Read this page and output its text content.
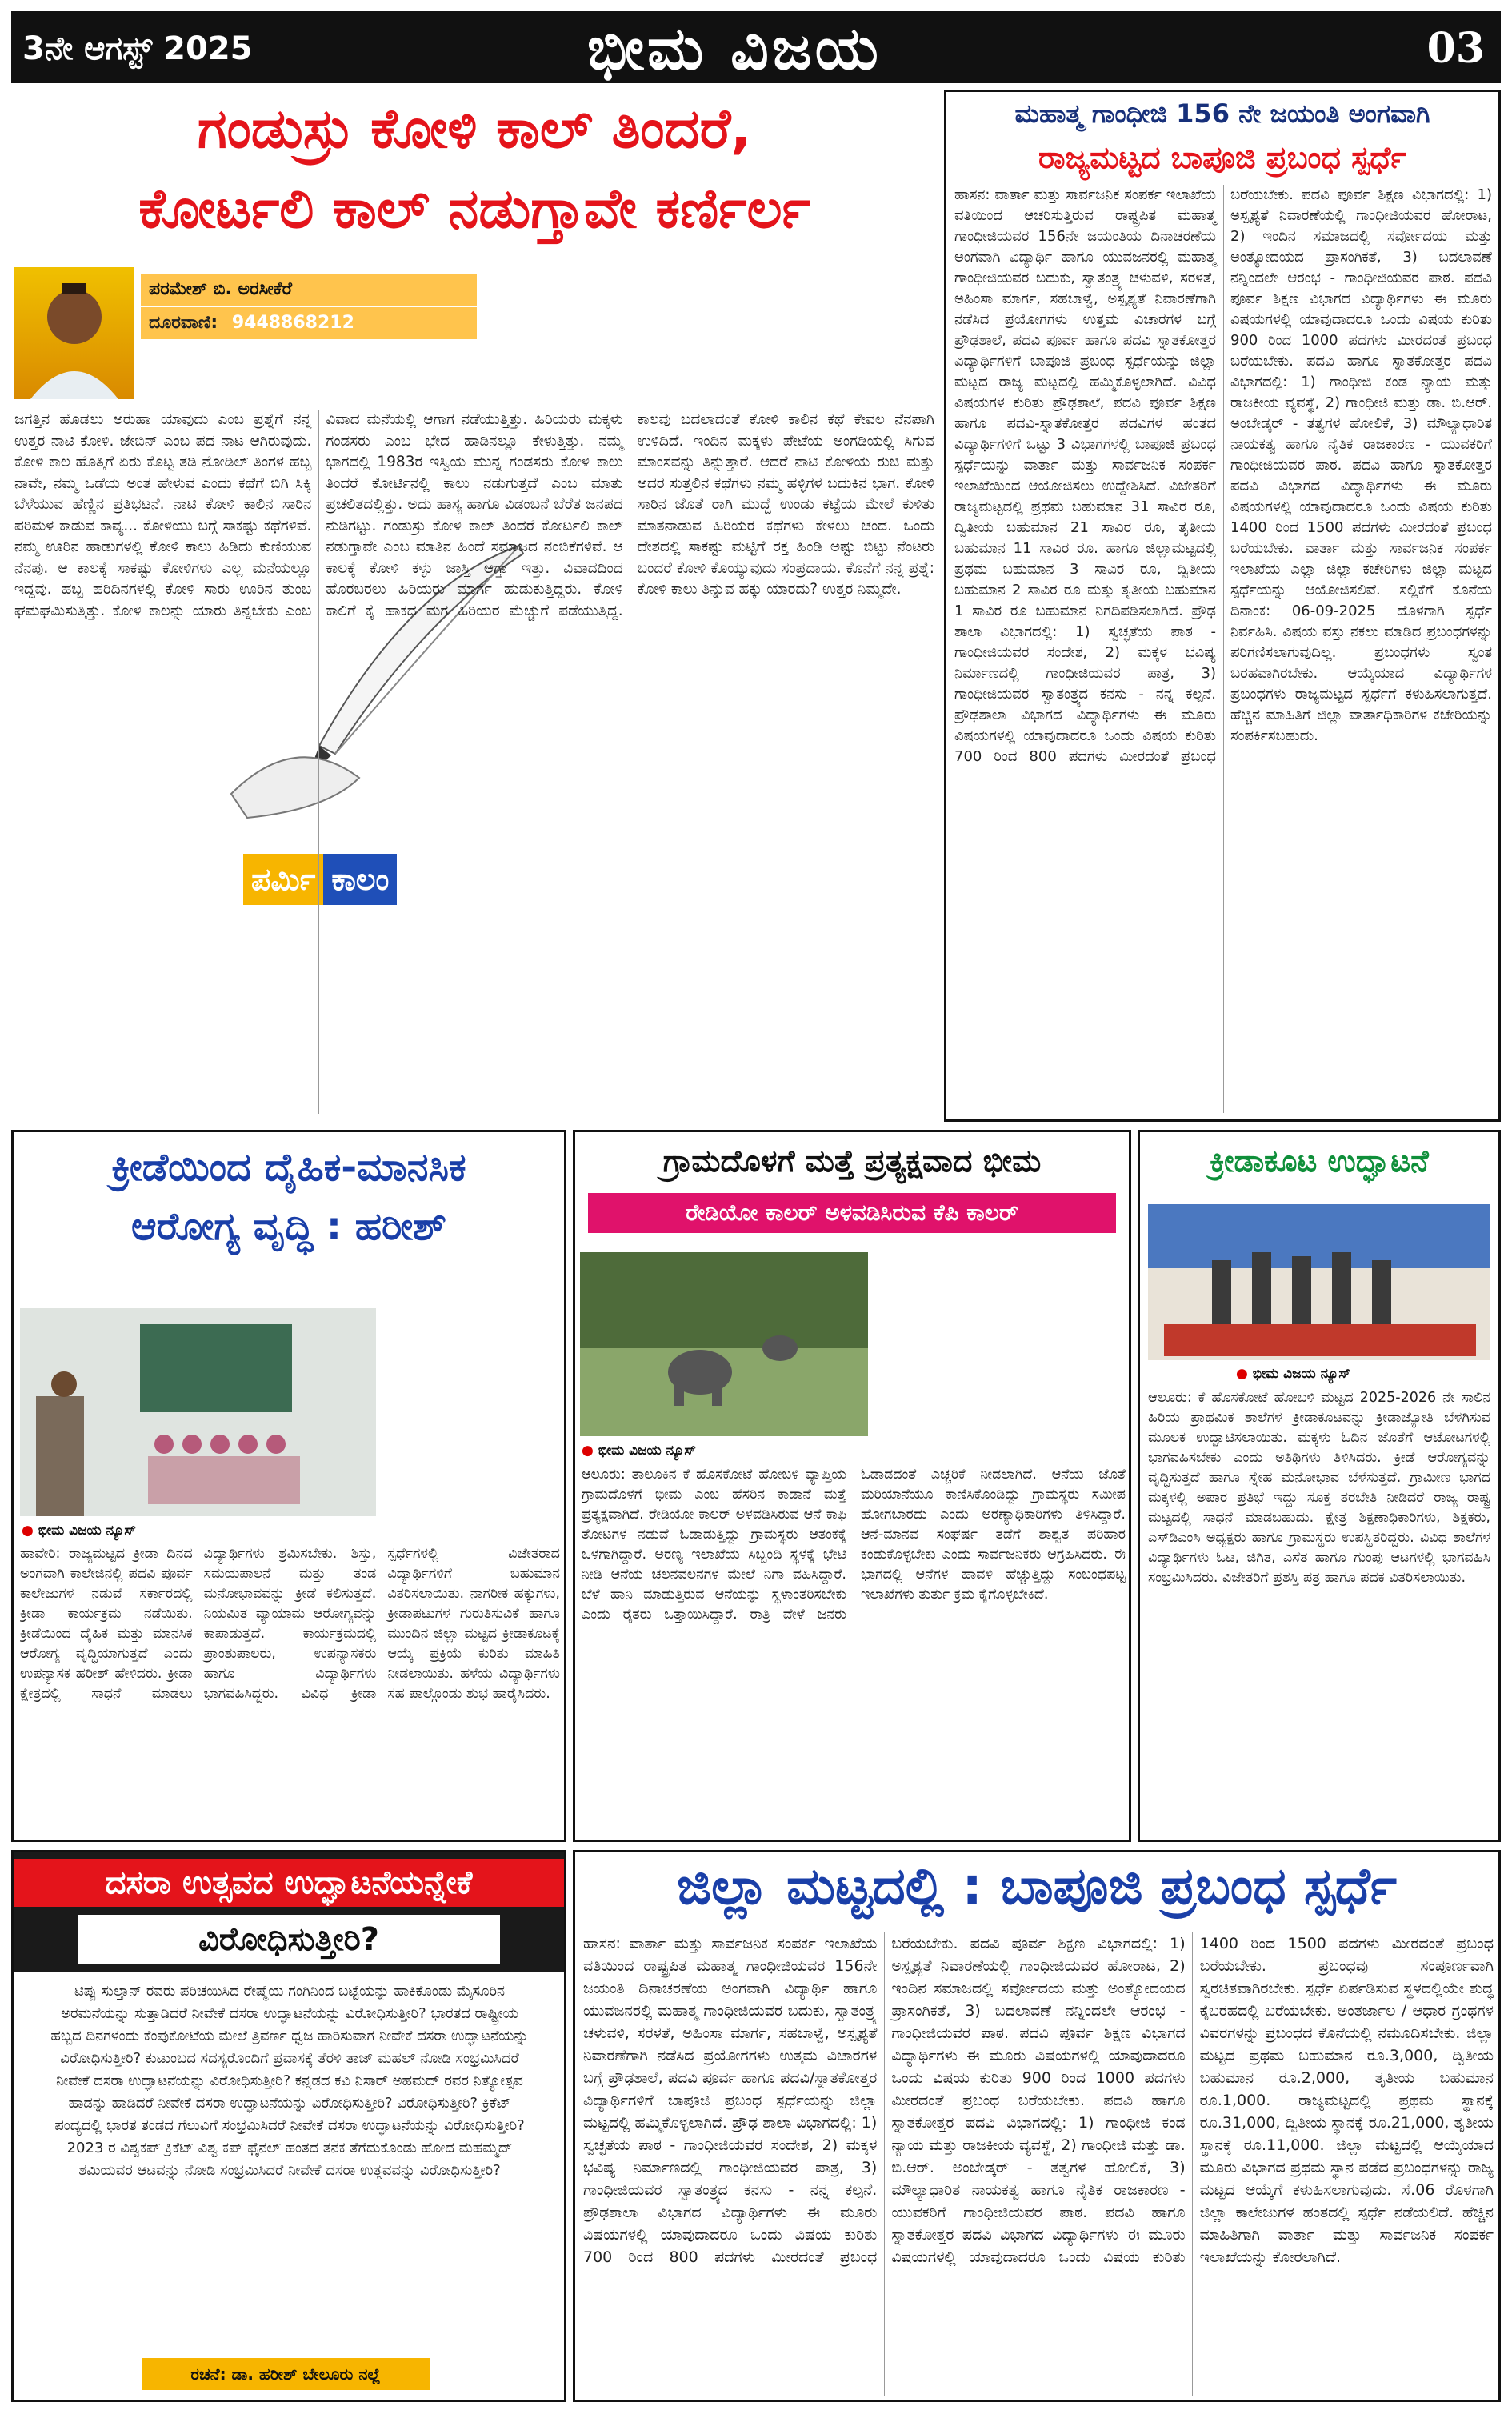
3ನೇ ಆಗಸ್ಟ್ 2025	ಭೀಮ ವಿಜಯ	03
ಗಂಡುಸ್ರು ಕೋಳಿ ಕಾಲ್ ತಿಂದರೆ,
ಕೋರ್ಟಲಿ ಕಾಲ್ ನಡುಗ್ತಾವೇ ಕರ್ಣಿರ್ಲ
ಪರಮೇಶ್ ಬಿ. ಅರಸೀಕೆರೆ
ದೂರವಾಣಿ: 9448868212
ಪರ್ಮಿ ಕಾಲಂ
ಜಗತ್ತಿನ ಹೊಡಲು ಅರುಹಾ ಯಾವುದು ಎಂಬ ಪ್ರಶ್ನೆಗೆ ನನ್ನ ಉತ್ತರ ನಾಟಿ ಕೋಳಿ. ಜೇಬಿನ್ ಎಂಬ ಪದ ನಾಟ ಆಗಿರುವುದು. ಕೋಳಿ ಕಾಲ ಹೊತ್ತಿಗೆ ಏರು ಕೊಟ್ಟ ತಡಿ ನೋಡಿಲ್ ತಿಂಗಳ ಹಬ್ಬ ನಾವೇ, ನಮ್ಮ ಒಡೆಯ ಅಂತ ಹೇಳುವ ಎಂದು ಕಥೆಗೆ ಬಿಗಿ ಸಿಕ್ಕಿ ಬೆಳೆಯುವ ಹೆಣ್ಣಿನ ಪ್ರತಿಭಟನೆ. ನಾಟಿ ಕೋಳಿ ಕಾಲಿನ ಸಾರಿನ ಪರಿಮಳ ಕಾಡುವ ಕಾವ್ಯ... ಕೋಳಿಯು ಬಗ್ಗೆ ಸಾಕಷ್ಟು ಕಥೆಗಳಿವೆ. ನಮ್ಮ ಊರಿನ ಹಾಡುಗಳಲ್ಲಿ ಕೋಳಿ ಕಾಲು ಹಿಡಿದು ಕುಣಿಯುವ ನೆನಪು. ಆ ಕಾಲಕ್ಕೆ ಸಾಕಷ್ಟು ಕೋಳಿಗಳು ಎಲ್ಲ ಮನೆಯಲ್ಲೂ ಇದ್ದವು. ಹಬ್ಬ ಹರಿದಿನಗಳಲ್ಲಿ ಕೋಳಿ ಸಾರು ಊರಿನ ತುಂಬ ಘಮಘಮಿಸುತ್ತಿತ್ತು. ಕೋಳಿ ಕಾಲನ್ನು ಯಾರು ತಿನ್ನಬೇಕು ಎಂಬ ವಿವಾದ ಮನೆಯಲ್ಲಿ ಆಗಾಗ ನಡೆಯುತ್ತಿತ್ತು. ಹಿರಿಯರು ಮಕ್ಕಳು ಗಂಡಸರು ಎಂಬ ಭೇದ ಹಾಡಿನಲ್ಲೂ ಕೇಳುತ್ತಿತ್ತು. ನಮ್ಮ ಭಾಗದಲ್ಲಿ 1983ರ ಇಸ್ವಿಯ ಮುನ್ನ ಗಂಡಸರು ಕೋಳಿ ಕಾಲು ತಿಂದರೆ ಕೋರ್ಟಿನಲ್ಲಿ ಕಾಲು ನಡುಗುತ್ತದೆ ಎಂಬ ಮಾತು ಪ್ರಚಲಿತದಲ್ಲಿತ್ತು. ಅದು ಹಾಸ್ಯ ಹಾಗೂ ವಿಡಂಬನೆ ಬೆರೆತ ಜನಪದ ನುಡಿಗಟ್ಟು. ಗಂಡುಸ್ರು ಕೋಳಿ ಕಾಲ್ ತಿಂದರೆ ಕೋರ್ಟಲಿ ಕಾಲ್ ನಡುಗ್ತಾವೇ ಎಂಬ ಮಾತಿನ ಹಿಂದೆ ಸಮಾಜದ ನಂಬಿಕೆಗಳಿವೆ. ಆ ಕಾಲಕ್ಕೆ ಕೋಳಿ ಕಳ್ಳು ಜಾಸ್ತಿ ಆಗ್ತಾ ಇತ್ತು. ವಿವಾದದಿಂದ ಹೊರಬರಲು ಹಿರಿಯರು ಮಾರ್ಗ ಹುಡುಕುತ್ತಿದ್ದರು. ಕೋಳಿ ಕಾಲಿಗೆ ಕೈ ಹಾಕದ ಮಗ ಹಿರಿಯರ ಮೆಚ್ಚುಗೆ ಪಡೆಯುತ್ತಿದ್ದ. ಕಾಲವು ಬದಲಾದಂತೆ ಕೋಳಿ ಕಾಲಿನ ಕಥೆ ಕೇವಲ ನೆನಪಾಗಿ ಉಳಿದಿದೆ. ಇಂದಿನ ಮಕ್ಕಳು ಪೇಟೆಯ ಅಂಗಡಿಯಲ್ಲಿ ಸಿಗುವ ಮಾಂಸವನ್ನು ತಿನ್ನುತ್ತಾರೆ. ಆದರೆ ನಾಟಿ ಕೋಳಿಯ ರುಚಿ ಮತ್ತು ಅದರ ಸುತ್ತಲಿನ ಕಥೆಗಳು ನಮ್ಮ ಹಳ್ಳಿಗಳ ಬದುಕಿನ ಭಾಗ. ಕೋಳಿ ಸಾರಿನ ಜೊತೆ ರಾಗಿ ಮುದ್ದೆ ಉಂಡು ಕಟ್ಟೆಯ ಮೇಲೆ ಕುಳಿತು ಮಾತನಾಡುವ ಹಿರಿಯರ ಕಥೆಗಳು ಕೇಳಲು ಚಂದ. ಒಂದು ದೇಶದಲ್ಲಿ ಸಾಕಷ್ಟು ಮಟ್ಟಿಗೆ ರಕ್ತ ಹಿಂಡಿ ಅಷ್ಟು ಬಿಟ್ಟು ನೆಂಟರು ಬಂದರೆ ಕೋಳಿ ಕೊಯ್ಯುವುದು ಸಂಪ್ರದಾಯ. ಕೊನೆಗೆ ನನ್ನ ಪ್ರಶ್ನೆ: ಕೋಳಿ ಕಾಲು ತಿನ್ನುವ ಹಕ್ಕು ಯಾರದು? ಉತ್ತರ ನಿಮ್ಮದೇ.
ಮಹಾತ್ಮ ಗಾಂಧೀಜಿ 156 ನೇ ಜಯಂತಿ ಅಂಗವಾಗಿ
ರಾಜ್ಯಮಟ್ಟದ ಬಾಪೂಜಿ ಪ್ರಬಂಧ ಸ್ಪರ್ಧೆ
ಹಾಸನ: ವಾರ್ತಾ ಮತ್ತು ಸಾರ್ವಜನಿಕ ಸಂಪರ್ಕ ಇಲಾಖೆಯ ವತಿಯಿಂದ ಆಚರಿಸುತ್ತಿರುವ ರಾಷ್ಟ್ರಪಿತ ಮಹಾತ್ಮ ಗಾಂಧೀಜಿಯವರ 156ನೇ ಜಯಂತಿಯ ದಿನಾಚರಣೆಯ ಅಂಗವಾಗಿ ವಿದ್ಯಾರ್ಥಿ ಹಾಗೂ ಯುವಜನರಲ್ಲಿ ಮಹಾತ್ಮ ಗಾಂಧೀಜಿಯವರ ಬದುಕು, ಸ್ವಾತಂತ್ರ್ಯ ಚಳುವಳಿ, ಸರಳತೆ, ಅಹಿಂಸಾ ಮಾರ್ಗ, ಸಹಬಾಳ್ವೆ, ಅಸ್ಪೃಶ್ಯತೆ ನಿವಾರಣೆಗಾಗಿ ನಡೆಸಿದ ಪ್ರಯೋಗಗಳು ಉತ್ತಮ ವಿಚಾರಗಳ ಬಗ್ಗೆ ಪ್ರೌಢಶಾಲೆ, ಪದವಿ ಪೂರ್ವ ಹಾಗೂ ಪದವಿ ಸ್ನಾತಕೋತ್ತರ ವಿದ್ಯಾರ್ಥಿಗಳಿಗೆ ಬಾಪೂಜಿ ಪ್ರಬಂಧ ಸ್ಪರ್ಧೆಯನ್ನು ಜಿಲ್ಲಾ ಮಟ್ಟದ ರಾಜ್ಯ ಮಟ್ಟದಲ್ಲಿ ಹಮ್ಮಿಕೊಳ್ಳಲಾಗಿದೆ. ವಿವಿಧ ವಿಷಯಗಳ ಕುರಿತು ಪ್ರೌಢಶಾಲೆ, ಪದವಿ ಪೂರ್ವ ಶಿಕ್ಷಣ ಹಾಗೂ ಪದವಿ-ಸ್ನಾತಕೋತ್ತರ ಪದವಿಗಳ ಹಂತದ ವಿದ್ಯಾರ್ಥಿಗಳಿಗೆ ಒಟ್ಟು 3 ವಿಭಾಗಗಳಲ್ಲಿ ಬಾಪೂಜಿ ಪ್ರಬಂಧ ಸ್ಪರ್ಧೆಯನ್ನು ವಾರ್ತಾ ಮತ್ತು ಸಾರ್ವಜನಿಕ ಸಂಪರ್ಕ ಇಲಾಖೆಯಿಂದ ಆಯೋಜಿಸಲು ಉದ್ದೇಶಿಸಿದೆ. ವಿಜೇತರಿಗೆ ರಾಜ್ಯಮಟ್ಟದಲ್ಲಿ ಪ್ರಥಮ ಬಹುಮಾನ 31 ಸಾವಿರ ರೂ, ದ್ವಿತೀಯ ಬಹುಮಾನ 21 ಸಾವಿರ ರೂ, ತೃತೀಯ ಬಹುಮಾನ 11 ಸಾವಿರ ರೂ. ಹಾಗೂ ಜಿಲ್ಲಾಮಟ್ಟದಲ್ಲಿ ಪ್ರಥಮ ಬಹುಮಾನ 3 ಸಾವಿರ ರೂ, ದ್ವಿತೀಯ ಬಹುಮಾನ 2 ಸಾವಿರ ರೂ ಮತ್ತು ತೃತೀಯ ಬಹುಮಾನ 1 ಸಾವಿರ ರೂ ಬಹುಮಾನ ನಿಗದಿಪಡಿಸಲಾಗಿದೆ. ಪ್ರೌಢ ಶಾಲಾ ವಿಭಾಗದಲ್ಲಿ: 1) ಸ್ವಚ್ಛತೆಯ ಪಾಠ - ಗಾಂಧೀಜಿಯವರ ಸಂದೇಶ, 2) ಮಕ್ಕಳ ಭವಿಷ್ಯ ನಿರ್ಮಾಣದಲ್ಲಿ ಗಾಂಧೀಜಿಯವರ ಪಾತ್ರ, 3) ಗಾಂಧೀಜಿಯವರ ಸ್ವಾತಂತ್ರ್ಯದ ಕನಸು - ನನ್ನ ಕಲ್ಪನೆ. ಪ್ರೌಢಶಾಲಾ ವಿಭಾಗದ ವಿದ್ಯಾರ್ಥಿಗಳು ಈ ಮೂರು ವಿಷಯಗಳಲ್ಲಿ ಯಾವುದಾದರೂ ಒಂದು ವಿಷಯ ಕುರಿತು 700 ರಿಂದ 800 ಪದಗಳು ಮೀರದಂತೆ ಪ್ರಬಂಧ ಬರೆಯಬೇಕು. ಪದವಿ ಪೂರ್ವ ಶಿಕ್ಷಣ ವಿಭಾಗದಲ್ಲಿ: 1) ಅಸ್ಪೃಶ್ಯತೆ ನಿವಾರಣೆಯಲ್ಲಿ ಗಾಂಧೀಜಿಯವರ ಹೋರಾಟ, 2) ಇಂದಿನ ಸಮಾಜದಲ್ಲಿ ಸರ್ವೋದಯ ಮತ್ತು ಅಂತ್ಯೋದಯದ ಪ್ರಾಸಂಗಿಕತೆ, 3) ಬದಲಾವಣೆ ನನ್ನಿಂದಲೇ ಆರಂಭ - ಗಾಂಧೀಜಿಯವರ ಪಾಠ. ಪದವಿ ಪೂರ್ವ ಶಿಕ್ಷಣ ವಿಭಾಗದ ವಿದ್ಯಾರ್ಥಿಗಳು ಈ ಮೂರು ವಿಷಯಗಳಲ್ಲಿ ಯಾವುದಾದರೂ ಒಂದು ವಿಷಯ ಕುರಿತು 900 ರಿಂದ 1000 ಪದಗಳು ಮೀರದಂತೆ ಪ್ರಬಂಧ ಬರೆಯಬೇಕು. ಪದವಿ ಹಾಗೂ ಸ್ನಾತಕೋತ್ತರ ಪದವಿ ವಿಭಾಗದಲ್ಲಿ: 1) ಗಾಂಧೀಜಿ ಕಂಡ ನ್ಯಾಯ ಮತ್ತು ರಾಜಕೀಯ ವ್ಯವಸ್ಥೆ, 2) ಗಾಂಧೀಜಿ ಮತ್ತು ಡಾ. ಬಿ.ಆರ್. ಅಂಬೇಡ್ಕರ್ - ತತ್ವಗಳ ಹೋಲಿಕೆ, 3) ಮೌಲ್ಯಾಧಾರಿತ ನಾಯಕತ್ವ ಹಾಗೂ ನೈತಿಕ ರಾಜಕಾರಣ - ಯುವಕರಿಗೆ ಗಾಂಧೀಜಿಯವರ ಪಾಠ. ಪದವಿ ಹಾಗೂ ಸ್ನಾತಕೋತ್ತರ ಪದವಿ ವಿಭಾಗದ ವಿದ್ಯಾರ್ಥಿಗಳು ಈ ಮೂರು ವಿಷಯಗಳಲ್ಲಿ ಯಾವುದಾದರೂ ಒಂದು ವಿಷಯ ಕುರಿತು 1400 ರಿಂದ 1500 ಪದಗಳು ಮೀರದಂತೆ ಪ್ರಬಂಧ ಬರೆಯಬೇಕು. ವಾರ್ತಾ ಮತ್ತು ಸಾರ್ವಜನಿಕ ಸಂಪರ್ಕ ಇಲಾಖೆಯ ಎಲ್ಲಾ ಜಿಲ್ಲಾ ಕಚೇರಿಗಳು ಜಿಲ್ಲಾ ಮಟ್ಟದ ಸ್ಪರ್ಧೆಯನ್ನು ಆಯೋಜಿಸಲಿವೆ. ಸಲ್ಲಿಕೆಗೆ ಕೊನೆಯ ದಿನಾಂಕ: 06-09-2025 ದೊಳಗಾಗಿ ಸ್ಪರ್ಧೆ ನಿರ್ವಹಿಸಿ. ವಿಷಯ ವಸ್ತು ನಕಲು ಮಾಡಿದ ಪ್ರಬಂಧಗಳನ್ನು ಪರಿಗಣಿಸಲಾಗುವುದಿಲ್ಲ. ಪ್ರಬಂಧಗಳು ಸ್ವಂತ ಬರಹವಾಗಿರಬೇಕು. ಆಯ್ಕೆಯಾದ ವಿದ್ಯಾರ್ಥಿಗಳ ಪ್ರಬಂಧಗಳು ರಾಜ್ಯಮಟ್ಟದ ಸ್ಪರ್ಧೆಗೆ ಕಳುಹಿಸಲಾಗುತ್ತದೆ. ಹೆಚ್ಚಿನ ಮಾಹಿತಿಗೆ ಜಿಲ್ಲಾ ವಾರ್ತಾಧಿಕಾರಿಗಳ ಕಚೇರಿಯನ್ನು ಸಂಪರ್ಕಿಸಬಹುದು.
ಕ್ರೀಡೆಯಿಂದ ದೈಹಿಕ-ಮಾನಸಿಕ
ಆರೋಗ್ಯ ವೃದ್ಧಿ : ಹರೀಶ್
● ಭೀಮ ವಿಜಯ ನ್ಯೂಸ್
ಹಾವೇರಿ: ರಾಜ್ಯಮಟ್ಟದ ಕ್ರೀಡಾ ದಿನದ ಅಂಗವಾಗಿ ಕಾಲೇಜಿನಲ್ಲಿ ಪದವಿ ಪೂರ್ವ ಕಾಲೇಜುಗಳ ನಡುವೆ ಸರ್ಕಾರದಲ್ಲಿ ಕ್ರೀಡಾ ಕಾರ್ಯಕ್ರಮ ನಡೆಯಿತು. ಕ್ರೀಡೆಯಿಂದ ದೈಹಿಕ ಮತ್ತು ಮಾನಸಿಕ ಆರೋಗ್ಯ ವೃದ್ಧಿಯಾಗುತ್ತದೆ ಎಂದು ಉಪನ್ಯಾಸಕ ಹರೀಶ್ ಹೇಳಿದರು. ಕ್ರೀಡಾ ಕ್ಷೇತ್ರದಲ್ಲಿ ಸಾಧನೆ ಮಾಡಲು ವಿದ್ಯಾರ್ಥಿಗಳು ಶ್ರಮಿಸಬೇಕು. ಶಿಸ್ತು, ಸಮಯಪಾಲನೆ ಮತ್ತು ತಂಡ ಮನೋಭಾವವನ್ನು ಕ್ರೀಡೆ ಕಲಿಸುತ್ತದೆ. ನಿಯಮಿತ ವ್ಯಾಯಾಮ ಆರೋಗ್ಯವನ್ನು ಕಾಪಾಡುತ್ತದೆ. ಕಾರ್ಯಕ್ರಮದಲ್ಲಿ ಪ್ರಾಂಶುಪಾಲರು, ಉಪನ್ಯಾಸಕರು ಹಾಗೂ ವಿದ್ಯಾರ್ಥಿಗಳು ಭಾಗವಹಿಸಿದ್ದರು. ವಿವಿಧ ಕ್ರೀಡಾ ಸ್ಪರ್ಧೆಗಳಲ್ಲಿ ವಿಜೇತರಾದ ವಿದ್ಯಾರ್ಥಿಗಳಿಗೆ ಬಹುಮಾನ ವಿತರಿಸಲಾಯಿತು. ನಾಗರೀಕ ಹಕ್ಕುಗಳು, ಕ್ರೀಡಾಪಟುಗಳ ಗುರುತಿಸುವಿಕೆ ಹಾಗೂ ಮುಂದಿನ ಜಿಲ್ಲಾ ಮಟ್ಟದ ಕ್ರೀಡಾಕೂಟಕ್ಕೆ ಆಯ್ಕೆ ಪ್ರಕ್ರಿಯೆ ಕುರಿತು ಮಾಹಿತಿ ನೀಡಲಾಯಿತು. ಹಳೆಯ ವಿದ್ಯಾರ್ಥಿಗಳು ಸಹ ಪಾಲ್ಗೊಂಡು ಶುಭ ಹಾರೈಸಿದರು.
ಗ್ರಾಮದೊಳಗೆ ಮತ್ತೆ ಪ್ರತ್ಯಕ್ಷವಾದ ಭೀಮ
ರೇಡಿಯೋ ಕಾಲರ್ ಅಳವಡಿಸಿರುವ ಕೆಪಿ ಕಾಲರ್
● ಭೀಮ ವಿಜಯ ನ್ಯೂಸ್
ಆಲೂರು: ತಾಲೂಕಿನ ಕೆ ಹೊಸಕೋಟೆ ಹೋಬಳಿ ವ್ಯಾಪ್ತಿಯ ಗ್ರಾಮದೊಳಗೆ ಭೀಮ ಎಂಬ ಹೆಸರಿನ ಕಾಡಾನೆ ಮತ್ತೆ ಪ್ರತ್ಯಕ್ಷವಾಗಿದೆ. ರೇಡಿಯೋ ಕಾಲರ್ ಅಳವಡಿಸಿರುವ ಆನೆ ಕಾಫಿ ತೋಟಗಳ ನಡುವೆ ಓಡಾಡುತ್ತಿದ್ದು ಗ್ರಾಮಸ್ಥರು ಆತಂಕಕ್ಕೆ ಒಳಗಾಗಿದ್ದಾರೆ. ಅರಣ್ಯ ಇಲಾಖೆಯ ಸಿಬ್ಬಂದಿ ಸ್ಥಳಕ್ಕೆ ಭೇಟಿ ನೀಡಿ ಆನೆಯ ಚಲನವಲನಗಳ ಮೇಲೆ ನಿಗಾ ವಹಿಸಿದ್ದಾರೆ. ಬೆಳೆ ಹಾನಿ ಮಾಡುತ್ತಿರುವ ಆನೆಯನ್ನು ಸ್ಥಳಾಂತರಿಸಬೇಕು ಎಂದು ರೈತರು ಒತ್ತಾಯಿಸಿದ್ದಾರೆ. ರಾತ್ರಿ ವೇಳೆ ಜನರು ಓಡಾಡದಂತೆ ಎಚ್ಚರಿಕೆ ನೀಡಲಾಗಿದೆ. ಆನೆಯ ಜೊತೆ ಮರಿಯಾನೆಯೂ ಕಾಣಿಸಿಕೊಂಡಿದ್ದು ಗ್ರಾಮಸ್ಥರು ಸಮೀಪ ಹೋಗಬಾರದು ಎಂದು ಅರಣ್ಯಾಧಿಕಾರಿಗಳು ತಿಳಿಸಿದ್ದಾರೆ. ಆನೆ-ಮಾನವ ಸಂಘರ್ಷ ತಡೆಗೆ ಶಾಶ್ವತ ಪರಿಹಾರ ಕಂಡುಕೊಳ್ಳಬೇಕು ಎಂದು ಸಾರ್ವಜನಿಕರು ಆಗ್ರಹಿಸಿದರು. ಈ ಭಾಗದಲ್ಲಿ ಆನೆಗಳ ಹಾವಳಿ ಹೆಚ್ಚುತ್ತಿದ್ದು ಸಂಬಂಧಪಟ್ಟ ಇಲಾಖೆಗಳು ತುರ್ತು ಕ್ರಮ ಕೈಗೊಳ್ಳಬೇಕಿದೆ.
ಕ್ರೀಡಾಕೂಟ ಉದ್ಘಾಟನೆ
● ಭೀಮ ವಿಜಯ ನ್ಯೂಸ್
ಆಲೂರು: ಕೆ ಹೊಸಕೋಟೆ ಹೋಬಳಿ ಮಟ್ಟದ 2025-2026 ನೇ ಸಾಲಿನ ಹಿರಿಯ ಪ್ರಾಥಮಿಕ ಶಾಲೆಗಳ ಕ್ರೀಡಾಕೂಟವನ್ನು ಕ್ರೀಡಾಜ್ಯೋತಿ ಬೆಳಗಿಸುವ ಮೂಲಕ ಉದ್ಘಾಟಿಸಲಾಯಿತು. ಮಕ್ಕಳು ಓದಿನ ಜೊತೆಗೆ ಆಟೋಟಗಳಲ್ಲಿ ಭಾಗವಹಿಸಬೇಕು ಎಂದು ಅತಿಥಿಗಳು ತಿಳಿಸಿದರು. ಕ್ರೀಡೆ ಆರೋಗ್ಯವನ್ನು ವೃದ್ಧಿಸುತ್ತದೆ ಹಾಗೂ ಸ್ನೇಹ ಮನೋಭಾವ ಬೆಳೆಸುತ್ತದೆ. ಗ್ರಾಮೀಣ ಭಾಗದ ಮಕ್ಕಳಲ್ಲಿ ಅಪಾರ ಪ್ರತಿಭೆ ಇದ್ದು ಸೂಕ್ತ ತರಬೇತಿ ನೀಡಿದರೆ ರಾಜ್ಯ ರಾಷ್ಟ್ರ ಮಟ್ಟದಲ್ಲಿ ಸಾಧನೆ ಮಾಡಬಹುದು. ಕ್ಷೇತ್ರ ಶಿಕ್ಷಣಾಧಿಕಾರಿಗಳು, ಶಿಕ್ಷಕರು, ಎಸ್‌ಡಿಎಂಸಿ ಅಧ್ಯಕ್ಷರು ಹಾಗೂ ಗ್ರಾಮಸ್ಥರು ಉಪಸ್ಥಿತರಿದ್ದರು. ವಿವಿಧ ಶಾಲೆಗಳ ವಿದ್ಯಾರ್ಥಿಗಳು ಓಟ, ಜಿಗಿತ, ಎಸೆತ ಹಾಗೂ ಗುಂಪು ಆಟಗಳಲ್ಲಿ ಭಾಗವಹಿಸಿ ಸಂಭ್ರಮಿಸಿದರು. ವಿಜೇತರಿಗೆ ಪ್ರಶಸ್ತಿ ಪತ್ರ ಹಾಗೂ ಪದಕ ವಿತರಿಸಲಾಯಿತು.
ದಸರಾ ಉತ್ಸವದ ಉದ್ಘಾಟನೆಯನ್ನೇಕೆ
ವಿರೋಧಿಸುತ್ತೀರಿ?
ಟಿಪ್ಪು ಸುಲ್ತಾನ್ ರವರು ಪರಿಚಯಿಸಿದ ರೇಷ್ಮೆಯ ಗಂಗಿನಿಂದ ಬಟ್ಟೆಯನ್ನು ಹಾಕಿಕೊಂಡು ಮೈಸೂರಿನ ಅರಮನೆಯನ್ನು ಸುತ್ತಾಡಿದರೆ ನೀವೇಕೆ ದಸರಾ ಉದ್ಘಾಟನೆಯನ್ನು ವಿರೋಧಿಸುತ್ತೀರಿ? ಭಾರತದ ರಾಷ್ಟ್ರೀಯ ಹಬ್ಬದ ದಿನಗಳಂದು ಕೆಂಪುಕೋಟೆಯ ಮೇಲೆ ತ್ರಿವರ್ಣ ಧ್ವಜ ಹಾರಿಸುವಾಗ ನೀವೇಕೆ ದಸರಾ ಉದ್ಘಾಟನೆಯನ್ನು ವಿರೋಧಿಸುತ್ತೀರಿ? ಕುಟುಂಬದ ಸದಸ್ಯರೊಂದಿಗೆ ಪ್ರವಾಸಕ್ಕೆ ತೆರಳಿ ತಾಜ್ ಮಹಲ್ ನೋಡಿ ಸಂಭ್ರಮಿಸಿದರೆ ನೀವೇಕೆ ದಸರಾ ಉದ್ಘಾಟನೆಯನ್ನು ವಿರೋಧಿಸುತ್ತೀರಿ? ಕನ್ನಡದ ಕವಿ ನಿಸಾರ್ ಅಹಮದ್ ರವರ ನಿತ್ಯೋತ್ಸವ ಹಾಡನ್ನು ಹಾಡಿದರೆ ನೀವೇಕೆ ದಸರಾ ಉದ್ಘಾಟನೆಯನ್ನು ವಿರೋಧಿಸುತ್ತೀರಿ? ವಿರೋಧಿಸುತ್ತೀರಿ? ಕ್ರಿಕೆಟ್ ಪಂದ್ಯದಲ್ಲಿ ಭಾರತ ತಂಡದ ಗೆಲುವಿಗೆ ಸಂಭ್ರಮಿಸಿದರೆ ನೀವೇಕೆ ದಸರಾ ಉದ್ಘಾಟನೆಯನ್ನು ವಿರೋಧಿಸುತ್ತೀರಿ? 2023 ರ ವಿಶ್ವಕಪ್ ಕ್ರಿಕೆಟ್ ವಿಶ್ವ ಕಪ್ ಫೈನಲ್ ಹಂತದ ತನಕ ತೆಗೆದುಕೊಂಡು ಹೋದ ಮಹಮ್ಮದ್ ಶಮಿಯವರ ಆಟವನ್ನು ನೋಡಿ ಸಂಭ್ರಮಿಸಿದರೆ ನೀವೇಕೆ ದಸರಾ ಉತ್ಸವವನ್ನು ವಿರೋಧಿಸುತ್ತೀರಿ?
ರಚನೆ: ಡಾ. ಹರೀಶ್ ಬೇಲೂರು ನಲ್ಲೆ
ಜಿಲ್ಲಾ ಮಟ್ಟದಲ್ಲಿ : ಬಾಪೂಜಿ ಪ್ರಬಂಧ ಸ್ಪರ್ಧೆ
ಹಾಸನ: ವಾರ್ತಾ ಮತ್ತು ಸಾರ್ವಜನಿಕ ಸಂಪರ್ಕ ಇಲಾಖೆಯ ವತಿಯಿಂದ ರಾಷ್ಟ್ರಪಿತ ಮಹಾತ್ಮ ಗಾಂಧೀಜಿಯವರ 156ನೇ ಜಯಂತಿ ದಿನಾಚರಣೆಯ ಅಂಗವಾಗಿ ವಿದ್ಯಾರ್ಥಿ ಹಾಗೂ ಯುವಜನರಲ್ಲಿ ಮಹಾತ್ಮ ಗಾಂಧೀಜಿಯವರ ಬದುಕು, ಸ್ವಾತಂತ್ರ್ಯ ಚಳುವಳಿ, ಸರಳತೆ, ಅಹಿಂಸಾ ಮಾರ್ಗ, ಸಹಬಾಳ್ವೆ, ಅಸ್ಪೃಶ್ಯತೆ ನಿವಾರಣೆಗಾಗಿ ನಡೆಸಿದ ಪ್ರಯೋಗಗಳು ಉತ್ತಮ ವಿಚಾರಗಳ ಬಗ್ಗೆ ಪ್ರೌಢಶಾಲೆ, ಪದವಿ ಪೂರ್ವ ಹಾಗೂ ಪದವಿ/ಸ್ನಾತಕೋತ್ತರ ವಿದ್ಯಾರ್ಥಿಗಳಿಗೆ ಬಾಪೂಜಿ ಪ್ರಬಂಧ ಸ್ಪರ್ಧೆಯನ್ನು ಜಿಲ್ಲಾ ಮಟ್ಟದಲ್ಲಿ ಹಮ್ಮಿಕೊಳ್ಳಲಾಗಿದೆ. ಪ್ರೌಢ ಶಾಲಾ ವಿಭಾಗದಲ್ಲಿ: 1) ಸ್ವಚ್ಛತೆಯ ಪಾಠ - ಗಾಂಧೀಜಿಯವರ ಸಂದೇಶ, 2) ಮಕ್ಕಳ ಭವಿಷ್ಯ ನಿರ್ಮಾಣದಲ್ಲಿ ಗಾಂಧೀಜಿಯವರ ಪಾತ್ರ, 3) ಗಾಂಧೀಜಿಯವರ ಸ್ವಾತಂತ್ರ್ಯದ ಕನಸು - ನನ್ನ ಕಲ್ಪನೆ. ಪ್ರೌಢಶಾಲಾ ವಿಭಾಗದ ವಿದ್ಯಾರ್ಥಿಗಳು ಈ ಮೂರು ವಿಷಯಗಳಲ್ಲಿ ಯಾವುದಾದರೂ ಒಂದು ವಿಷಯ ಕುರಿತು 700 ರಿಂದ 800 ಪದಗಳು ಮೀರದಂತೆ ಪ್ರಬಂಧ ಬರೆಯಬೇಕು. ಪದವಿ ಪೂರ್ವ ಶಿಕ್ಷಣ ವಿಭಾಗದಲ್ಲಿ: 1) ಅಸ್ಪೃಶ್ಯತೆ ನಿವಾರಣೆಯಲ್ಲಿ ಗಾಂಧೀಜಿಯವರ ಹೋರಾಟ, 2) ಇಂದಿನ ಸಮಾಜದಲ್ಲಿ ಸರ್ವೋದಯ ಮತ್ತು ಅಂತ್ಯೋದಯದ ಪ್ರಾಸಂಗಿಕತೆ, 3) ಬದಲಾವಣೆ ನನ್ನಿಂದಲೇ ಆರಂಭ - ಗಾಂಧೀಜಿಯವರ ಪಾಠ. ಪದವಿ ಪೂರ್ವ ಶಿಕ್ಷಣ ವಿಭಾಗದ ವಿದ್ಯಾರ್ಥಿಗಳು ಈ ಮೂರು ವಿಷಯಗಳಲ್ಲಿ ಯಾವುದಾದರೂ ಒಂದು ವಿಷಯ ಕುರಿತು 900 ರಿಂದ 1000 ಪದಗಳು ಮೀರದಂತೆ ಪ್ರಬಂಧ ಬರೆಯಬೇಕು. ಪದವಿ ಹಾಗೂ ಸ್ನಾತಕೋತ್ತರ ಪದವಿ ವಿಭಾಗದಲ್ಲಿ: 1) ಗಾಂಧೀಜಿ ಕಂಡ ನ್ಯಾಯ ಮತ್ತು ರಾಜಕೀಯ ವ್ಯವಸ್ಥೆ, 2) ಗಾಂಧೀಜಿ ಮತ್ತು ಡಾ. ಬಿ.ಆರ್. ಅಂಬೇಡ್ಕರ್ - ತತ್ವಗಳ ಹೋಲಿಕೆ, 3) ಮೌಲ್ಯಾಧಾರಿತ ನಾಯಕತ್ವ ಹಾಗೂ ನೈತಿಕ ರಾಜಕಾರಣ - ಯುವಕರಿಗೆ ಗಾಂಧೀಜಿಯವರ ಪಾಠ. ಪದವಿ ಹಾಗೂ ಸ್ನಾತಕೋತ್ತರ ಪದವಿ ವಿಭಾಗದ ವಿದ್ಯಾರ್ಥಿಗಳು ಈ ಮೂರು ವಿಷಯಗಳಲ್ಲಿ ಯಾವುದಾದರೂ ಒಂದು ವಿಷಯ ಕುರಿತು 1400 ರಿಂದ 1500 ಪದಗಳು ಮೀರದಂತೆ ಪ್ರಬಂಧ ಬರೆಯಬೇಕು. ಪ್ರಬಂಧವು ಸಂಪೂರ್ಣವಾಗಿ ಸ್ವರಚಿತವಾಗಿರಬೇಕು. ಸ್ಪರ್ಧೆ ಏರ್ಪಡಿಸುವ ಸ್ಥಳದಲ್ಲಿಯೇ ಶುದ್ಧ ಕೈಬರಹದಲ್ಲಿ ಬರೆಯಬೇಕು. ಅಂತರ್ಜಾಲ / ಆಧಾರ ಗ್ರಂಥಗಳ ವಿವರಗಳನ್ನು ಪ್ರಬಂಧದ ಕೊನೆಯಲ್ಲಿ ನಮೂದಿಸಬೇಕು. ಜಿಲ್ಲಾ ಮಟ್ಟದ ಪ್ರಥಮ ಬಹುಮಾನ ರೂ.3,000, ದ್ವಿತೀಯ ಬಹುಮಾನ ರೂ.2,000, ತೃತೀಯ ಬಹುಮಾನ ರೂ.1,000. ರಾಜ್ಯಮಟ್ಟದಲ್ಲಿ ಪ್ರಥಮ ಸ್ಥಾನಕ್ಕೆ ರೂ.31,000, ದ್ವಿತೀಯ ಸ್ಥಾನಕ್ಕೆ ರೂ.21,000, ತೃತೀಯ ಸ್ಥಾನಕ್ಕೆ ರೂ.11,000. ಜಿಲ್ಲಾ ಮಟ್ಟದಲ್ಲಿ ಆಯ್ಕೆಯಾದ ಮೂರು ವಿಭಾಗದ ಪ್ರಥಮ ಸ್ಥಾನ ಪಡೆದ ಪ್ರಬಂಧಗಳನ್ನು ರಾಜ್ಯ ಮಟ್ಟದ ಆಯ್ಕೆಗೆ ಕಳುಹಿಸಲಾಗುವುದು. ಸೆ.06 ರೊಳಗಾಗಿ ಜಿಲ್ಲಾ ಕಾಲೇಜುಗಳ ಹಂತದಲ್ಲಿ ಸ್ಪರ್ಧೆ ನಡೆಯಲಿದೆ. ಹೆಚ್ಚಿನ ಮಾಹಿತಿಗಾಗಿ ವಾರ್ತಾ ಮತ್ತು ಸಾರ್ವಜನಿಕ ಸಂಪರ್ಕ ಇಲಾಖೆಯನ್ನು ಕೋರಲಾಗಿದೆ.
